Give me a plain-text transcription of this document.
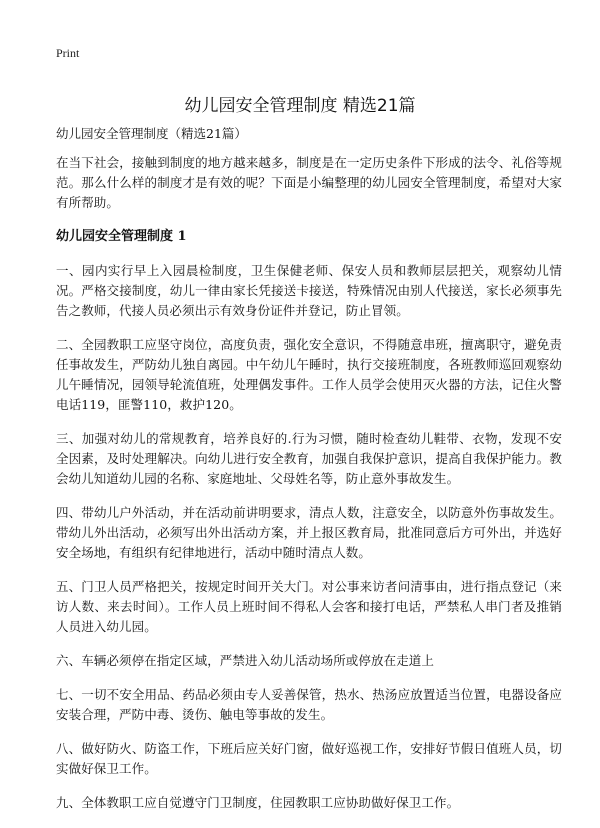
Print
幼儿园安全管理制度 精选21篇
幼儿园安全管理制度（精选21篇）

在当下社会，接触到制度的地方越来越多，制度是在一定历史条件下形成的法令、礼俗等规范。那么什么样的制度才是有效的呢？下面是小编整理的幼儿园安全管理制度，希望对大家有所帮助。

幼儿园安全管理制度 1

一、园内实行早上入园晨检制度，卫生保健老师、保安人员和教师层层把关，观察幼儿情况。严格交接制度，幼儿一律由家长凭接送卡接送，特殊情况由别人代接送，家长必须事先告之教师，代接人员必须出示有效身份证件并登记，防止冒领。

二、全园教职工应坚守岗位，高度负责，强化安全意识，不得随意串班，擅离职守，避免责任事故发生，严防幼儿独自离园。中午幼儿午睡时，执行交接班制度，各班教师巡回观察幼儿午睡情况，园领导轮流值班，处理偶发事件。工作人员学会使用灭火器的方法，记住火警电话119，匪警110，救护120。

三、加强对幼儿的常规教育，培养良好的.行为习惯，随时检查幼儿鞋带、衣物，发现不安全因素，及时处理解决。向幼儿进行安全教育，加强自我保护意识，提高自我保护能力。教会幼儿知道幼儿园的名称、家庭地址、父母姓名等，防止意外事故发生。

四、带幼儿户外活动，并在活动前讲明要求，清点人数，注意安全，以防意外伤事故发生。带幼儿外出活动，必须写出外出活动方案，并上报区教育局，批准同意后方可外出，并选好安全场地，有组织有纪律地进行，活动中随时清点人数。

五、门卫人员严格把关，按规定时间开关大门。对公事来访者问清事由，进行指点登记（来访人数、来去时间）。工作人员上班时间不得私人会客和接打电话，严禁私人串门者及推销人员进入幼儿园。

六、车辆必须停在指定区域，严禁进入幼儿活动场所或停放在走道上

七、一切不安全用品、药品必须由专人妥善保管，热水、热汤应放置适当位置，电器设备应安装合理，严防中毒、烫伤、触电等事故的发生。

八、做好防火、防盗工作，下班后应关好门窗，做好巡视工作，安排好节假日值班人员，切实做好保卫工作。

九、全体教职工应自觉遵守门卫制度，住园教职工应协助做好保卫工作。
